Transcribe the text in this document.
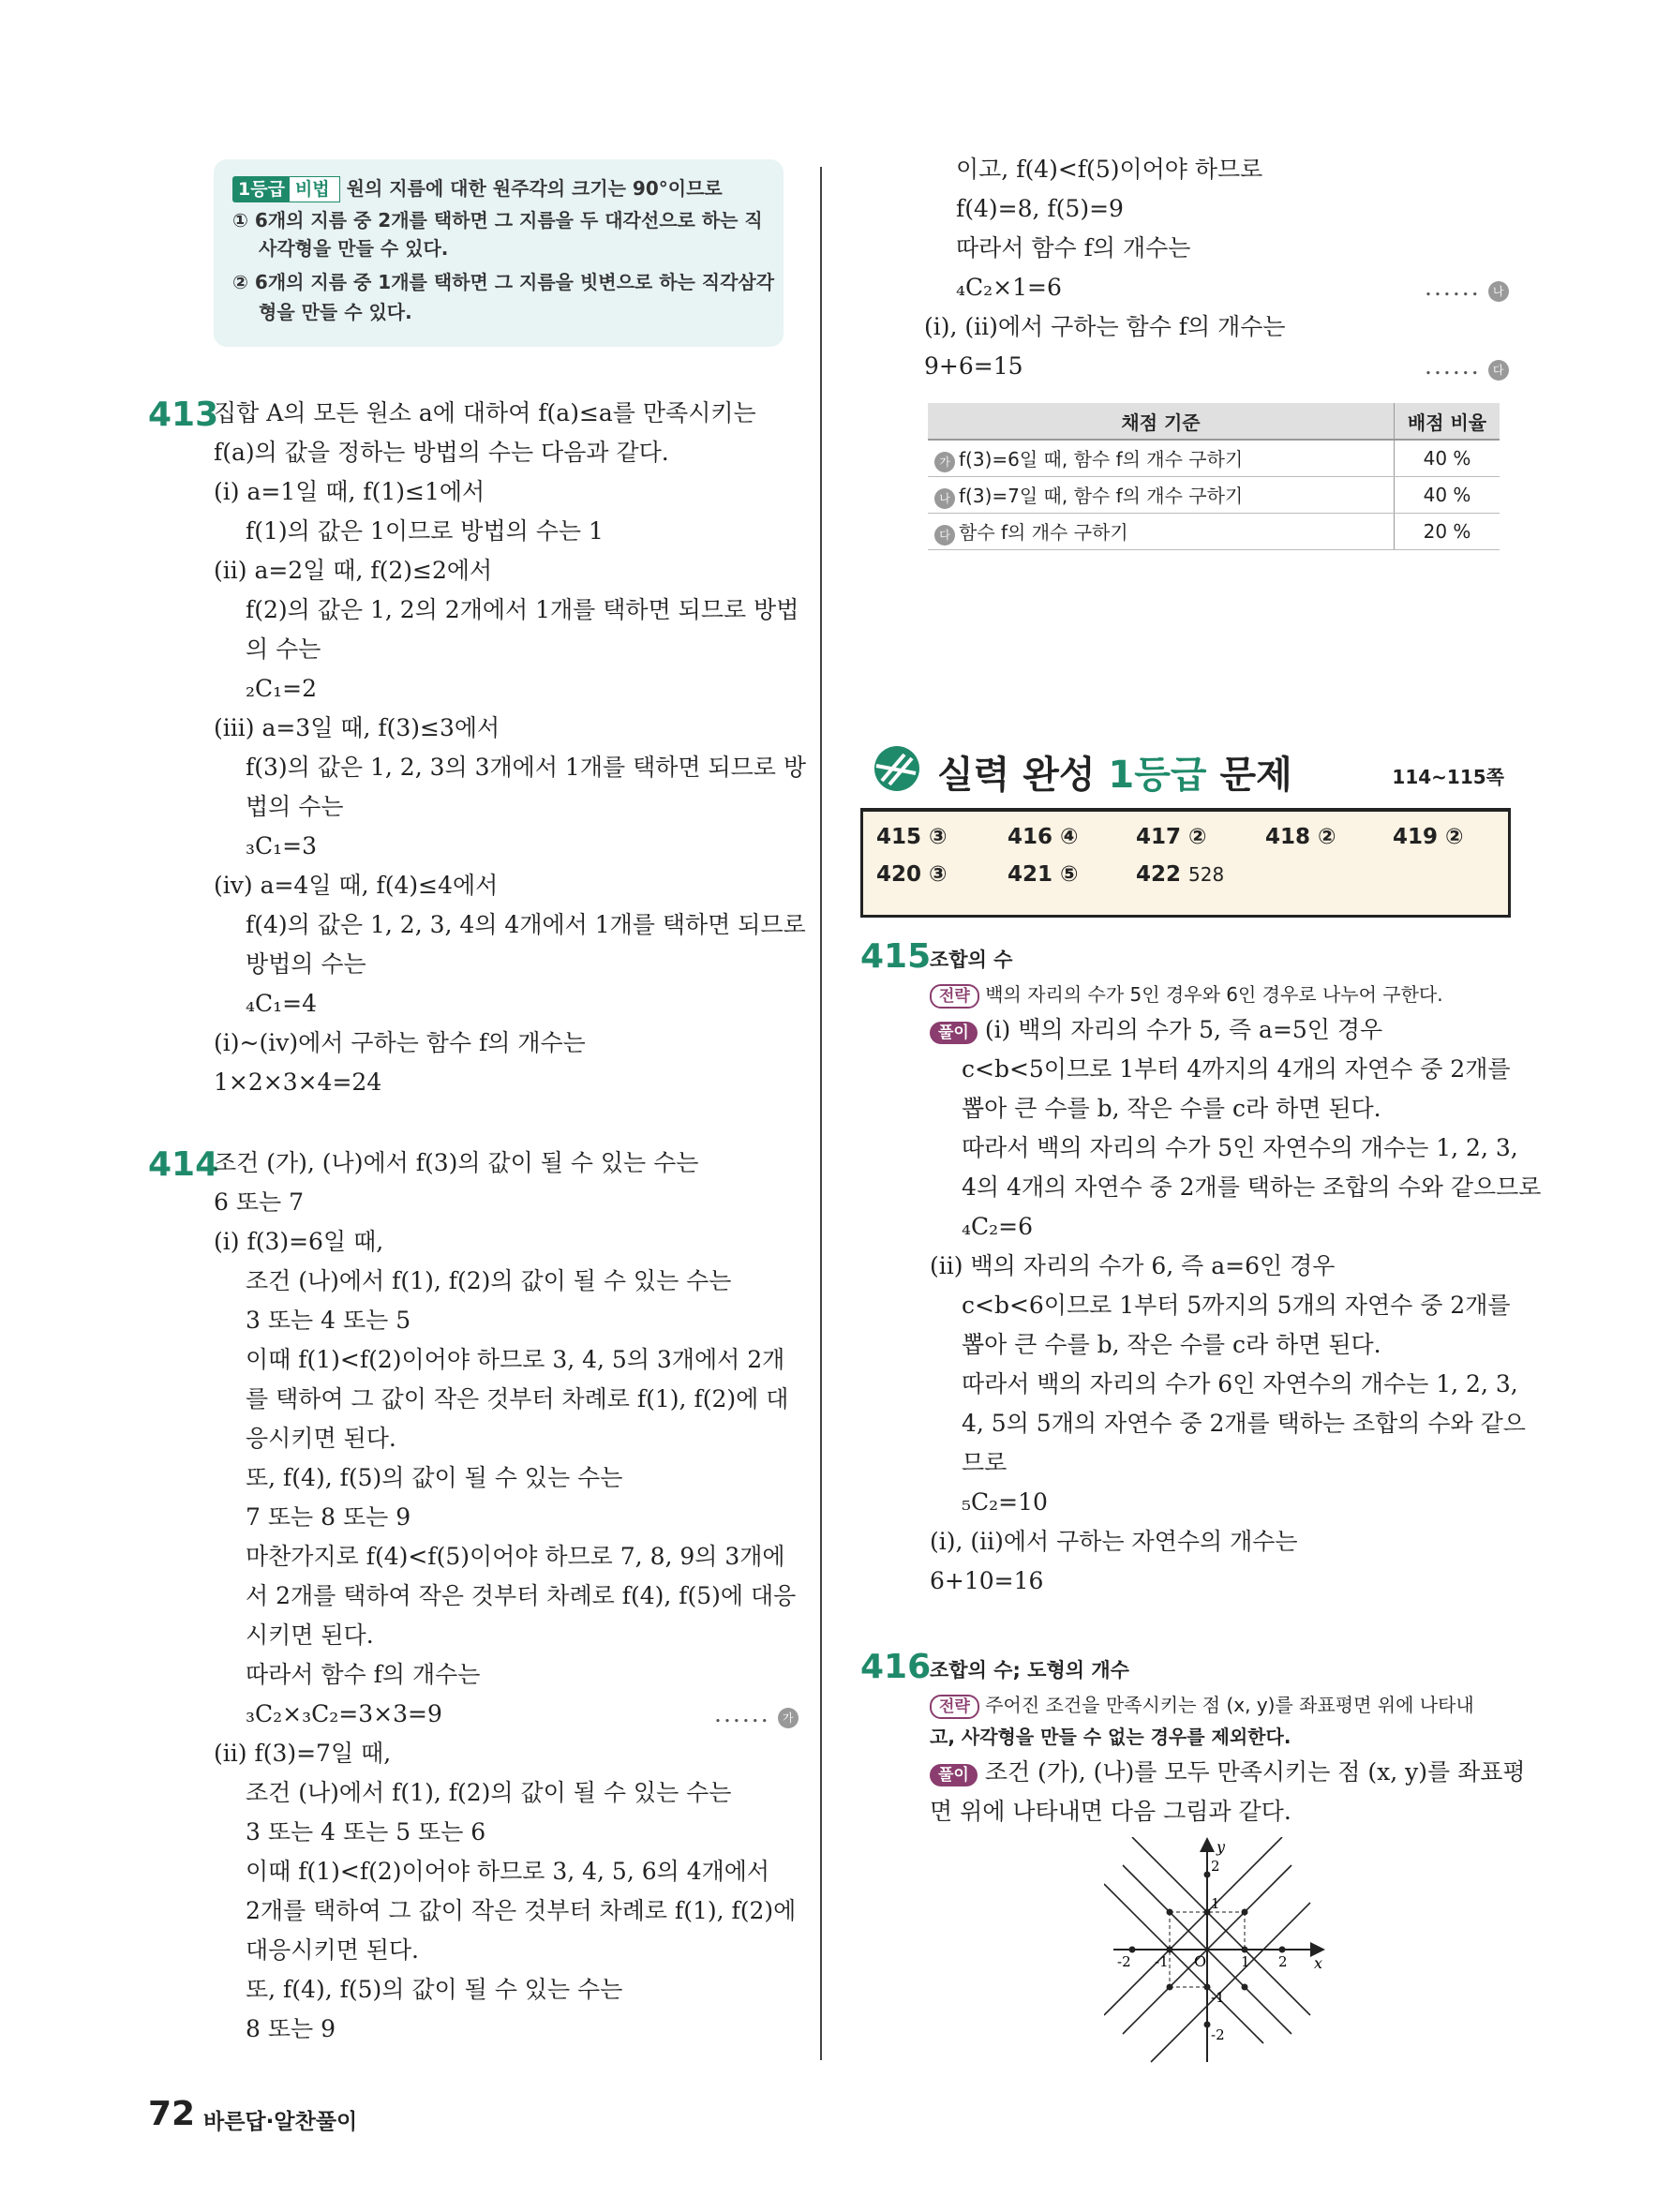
1등급 비법 원의 지름에 대한 원주각의 크기는 90°이므로
① 6개의 지름 중 2개를 택하면 그 지름을 두 대각선으로 하는 직
사각형을 만들 수 있다.
② 6개의 지름 중 1개를 택하면 그 지름을 빗변으로 하는 직각삼각
형을 만들 수 있다.
413
집합 A의 모든 원소 a에 대하여 f(a)≤a를 만족시키는
f(a)의 값을 정하는 방법의 수는 다음과 같다.
(i) a=1일 때, f(1)≤1에서
f(1)의 값은 1이므로 방법의 수는 1
(ii) a=2일 때, f(2)≤2에서
f(2)의 값은 1, 2의 2개에서 1개를 택하면 되므로 방법
의 수는
₂C₁=2
(iii) a=3일 때, f(3)≤3에서
f(3)의 값은 1, 2, 3의 3개에서 1개를 택하면 되므로 방
법의 수는
₃C₁=3
(iv) a=4일 때, f(4)≤4에서
f(4)의 값은 1, 2, 3, 4의 4개에서 1개를 택하면 되므로
방법의 수는
₄C₁=4
(i)~(iv)에서 구하는 함수 f의 개수는
1×2×3×4=24
414
조건 (가), (나)에서 f(3)의 값이 될 수 있는 수는
6 또는 7
(i) f(3)=6일 때,
조건 (나)에서 f(1), f(2)의 값이 될 수 있는 수는
3 또는 4 또는 5
이때 f(1)<f(2)이어야 하므로 3, 4, 5의 3개에서 2개
를 택하여 그 값이 작은 것부터 차례로 f(1), f(2)에 대
응시키면 된다.
또, f(4), f(5)의 값이 될 수 있는 수는
7 또는 8 또는 9
마찬가지로 f(4)<f(5)이어야 하므로 7, 8, 9의 3개에
서 2개를 택하여 작은 것부터 차례로 f(4), f(5)에 대응
시키면 된다.
따라서 함수 f의 개수는
₃C₂×₃C₂=3×3=9	...... 가
(ii) f(3)=7일 때,
조건 (나)에서 f(1), f(2)의 값이 될 수 있는 수는
3 또는 4 또는 5 또는 6
이때 f(1)<f(2)이어야 하므로 3, 4, 5, 6의 4개에서
2개를 택하여 그 값이 작은 것부터 차례로 f(1), f(2)에
대응시키면 된다.
또, f(4), f(5)의 값이 될 수 있는 수는
8 또는 9
이고, f(4)<f(5)이어야 하므로
f(4)=8, f(5)=9
따라서 함수 f의 개수는
₄C₂×1=6	...... 나
(i), (ii)에서 구하는 함수 f의 개수는
9+6=15	...... 다
채점 기준	배점 비율
가 f(3)=6일 때, 함수 f의 개수 구하기	40 %
나 f(3)=7일 때, 함수 f의 개수 구하기	40 %
다 함수 f의 개수 구하기	20 %
실력 완성 1등급 문제	114~115쪽
415 ③	416 ④	417 ②	418 ②	419 ②
420 ③	421 ⑤	422 528
415
조합의 수
전략 백의 자리의 수가 5인 경우와 6인 경우로 나누어 구한다.
풀이 (i) 백의 자리의 수가 5, 즉 a=5인 경우
c<b<5이므로 1부터 4까지의 4개의 자연수 중 2개를
뽑아 큰 수를 b, 작은 수를 c라 하면 된다.
따라서 백의 자리의 수가 5인 자연수의 개수는 1, 2, 3,
4의 4개의 자연수 중 2개를 택하는 조합의 수와 같으므로
₄C₂=6
(ii) 백의 자리의 수가 6, 즉 a=6인 경우
c<b<6이므로 1부터 5까지의 5개의 자연수 중 2개를
뽑아 큰 수를 b, 작은 수를 c라 하면 된다.
따라서 백의 자리의 수가 6인 자연수의 개수는 1, 2, 3,
4, 5의 5개의 자연수 중 2개를 택하는 조합의 수와 같으
므로
₅C₂=10
(i), (ii)에서 구하는 자연수의 개수는
6+10=16
416
조합의 수; 도형의 개수
전략 주어진 조건을 만족시키는 점 (x, y)를 좌표평면 위에 나타내
고, 사각형을 만들 수 없는 경우를 제외한다.
풀이 조건 (가), (나)를 모두 만족시키는 점 (x, y)를 좌표평
면 위에 나타내면 다음 그림과 같다.
y
x
O 1 2
-1
-2
1
2
-1
-2
72 바른답·알찬풀이
